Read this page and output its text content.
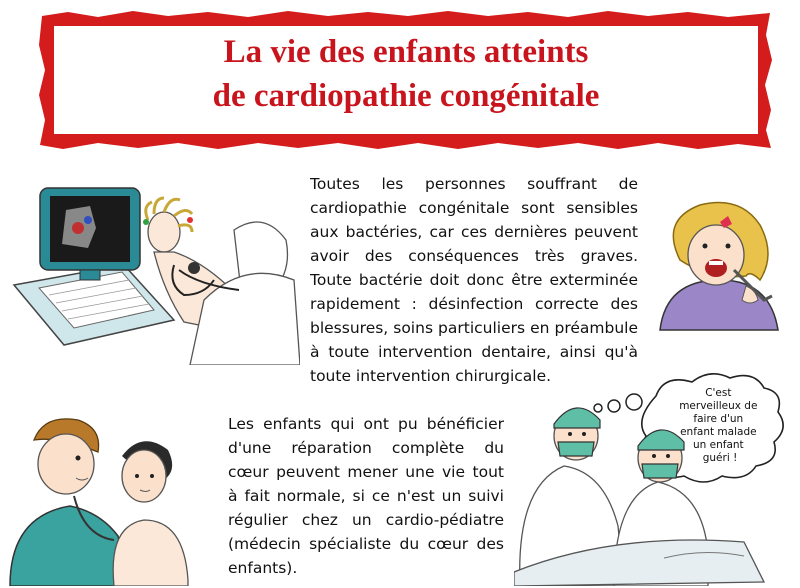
La vie des enfants atteints
de cardiopathie congénitale
Toutes les personnes souffrant de cardiopathie congénitale sont sensibles aux bactéries, car ces dernières peuvent avoir des conséquences très graves. Toute bactérie doit donc être exterminée rapidement : désinfection correcte des blessures, soins particuliers en préambule à toute intervention dentaire, ainsi qu'à toute intervention chirurgicale.
Les enfants qui ont pu bénéficier d'une réparation complète du cœur peuvent mener une vie tout à fait normale, si ce n'est un suivi régulier chez un cardio-pédiatre (médecin spécialiste du cœur des enfants).
C'est merveilleux de faire d'un enfant malade un enfant guéri !
